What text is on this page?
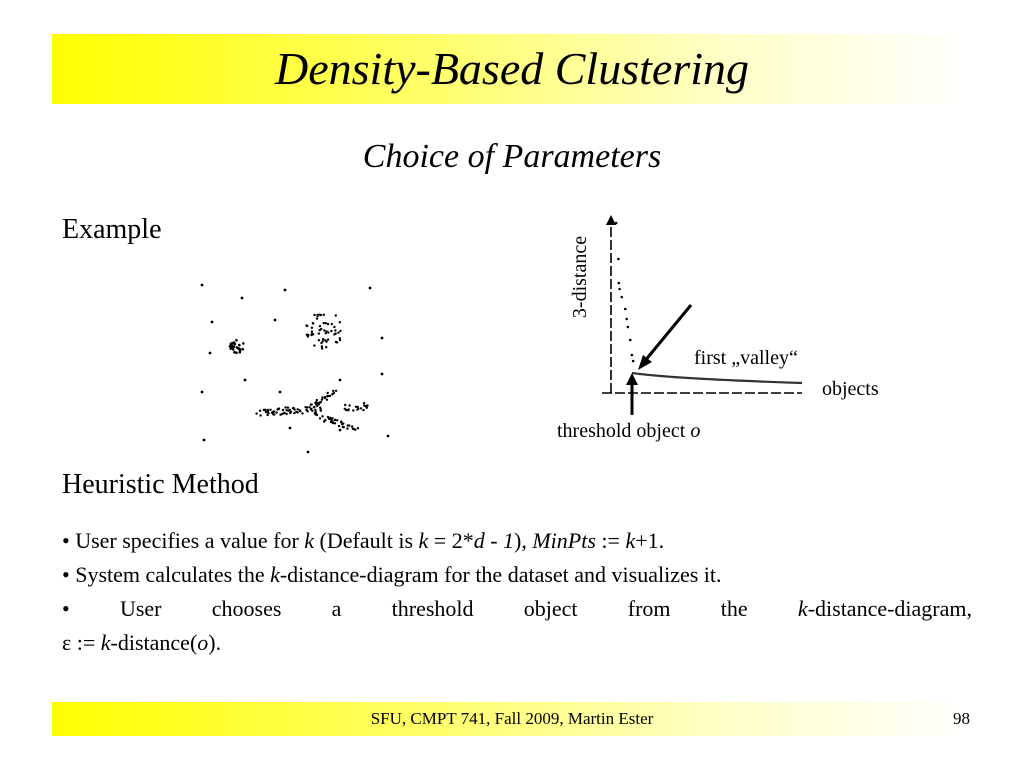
Density-Based Clustering
Choice of Parameters
Example
3-distance
first „valley“
objects
threshold object o
Heuristic Method
• User specifies a value for k (Default is k = 2*d - 1), MinPts := k+1.
• System calculates the k-distance-diagram for the dataset and visualizes it.
• User chooses a threshold object from the k-distance-diagram,
ε := k-distance(o).
SFU, CMPT 741, Fall 2009, Martin Ester	98
